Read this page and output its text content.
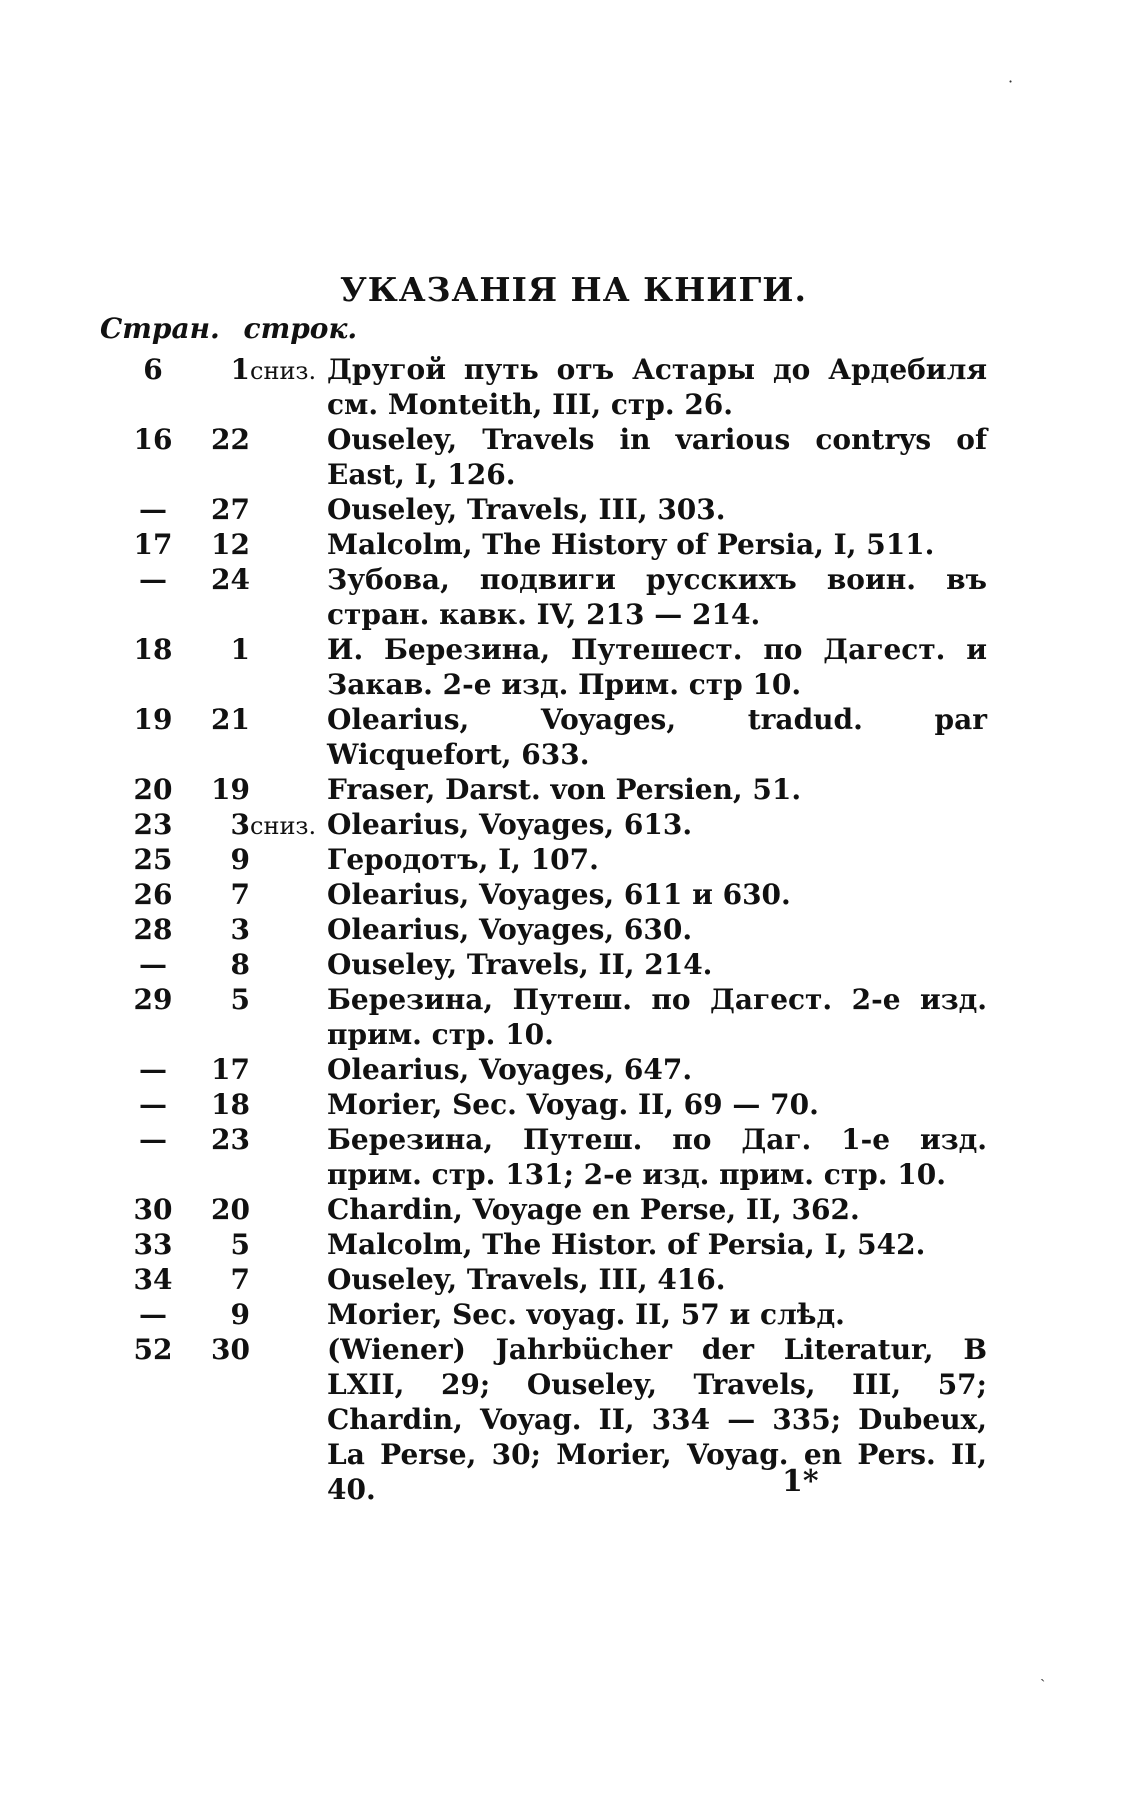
УКАЗАНІЯ НА КНИГИ.
Стран. строк.
6	1сниз. Другой путь отъ Астары до Ардебиля см. Monteith, III, стр. 26.
16	22	Ouseley, Travels in various contrys of East, I, 126.
—	27	Ouseley, Travels, III, 303.
17	12	Malcolm, The History of Persia, I, 511.
—	24	Зубова, подвиги русскихъ воин. въ стран. кавк. IV, 213 — 214.
18	1	И. Березина, Путешест. по Дагест. и Закав. 2-е изд. Прим. стр 10.
19	21	Olearius, Voyages, tradud. par Wicquefort, 633.
20	19	Fraser, Darst. von Persien, 51.
23	3сниз. Olearius, Voyages, 613.
25	9	Геродотъ, I, 107.
26	7	Olearius, Voyages, 611 и 630.
28	3	Olearius, Voyages, 630.
—	8	Ouseley, Travels, II, 214.
29	5	Березина, Путеш. по Дагест. 2-е изд. прим. стр. 10.
—	17	Olearius, Voyages, 647.
—	18	Morier, Sec. Voyag. II, 69 — 70.
—	23	Березина, Путеш. по Даг. 1-е изд. прим. стр. 131; 2-е изд. прим. стр. 10.
30	20	Chardin, Voyage en Perse, II, 362.
33	5	Malcolm, The Histor. of Persia, I, 542.
34	7	Ouseley, Travels, III, 416.
—	9	Morier, Sec. voyag. II, 57 и слѣд.
52	30	(Wiener) Jahrbücher der Literatur, B LXII, 29; Ouseley, Travels, III, 57; Chardin, Voyag. II, 334 — 335; Dubeux, La Perse, 30; Morier, Voyag. en Pers. II, 40.	1*
·
˴
